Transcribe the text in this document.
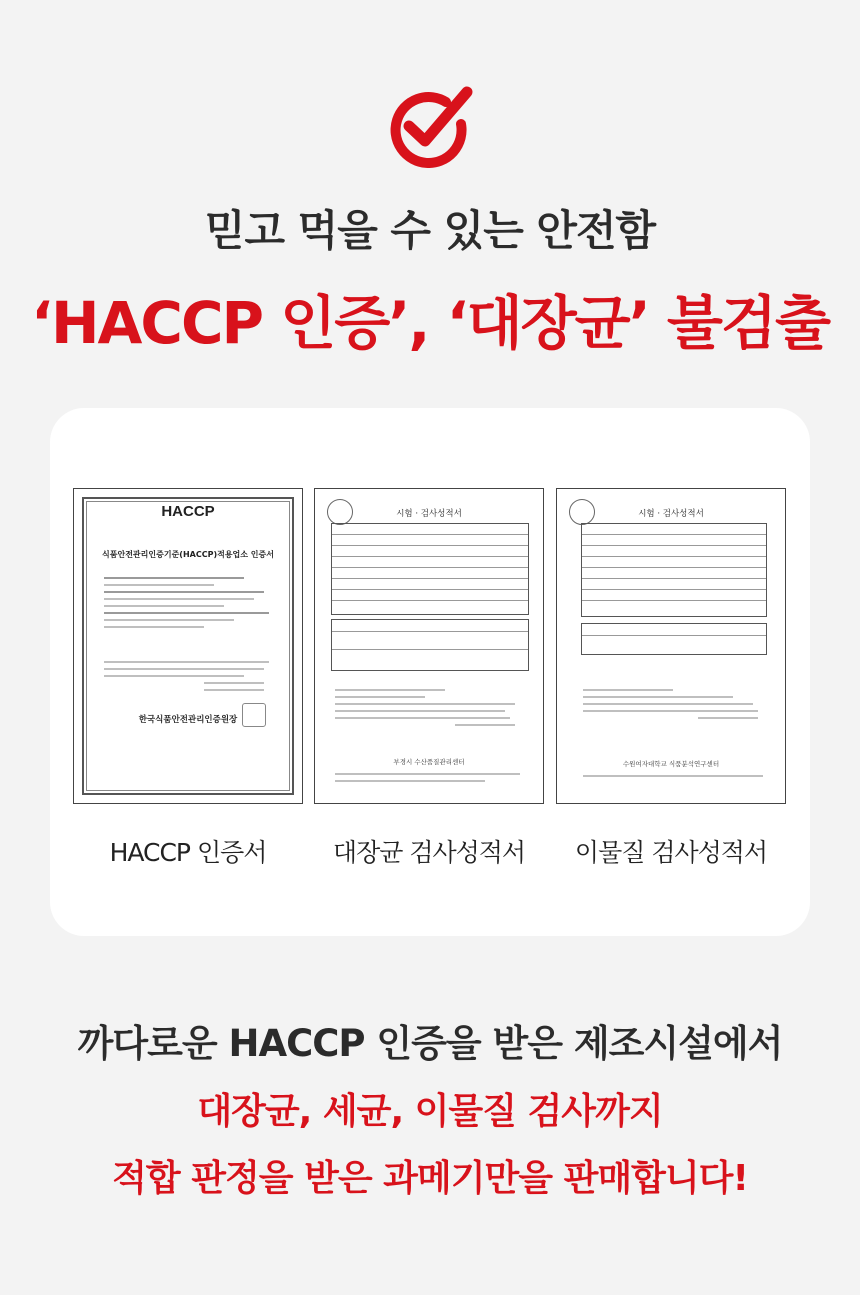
믿고 먹을 수 있는 안전함
‘HACCP 인증’, ‘대장균’ 불검출
HACCP
식품안전관리인증기준(HACCP)적용업소 인증서
한국식품안전관리인증원장
시험 · 검사성적서
부경시 수산품질관리센터
시험 · 검사성적서
수원여자대학교 식품분석연구센터
HACCP 인증서	대장균 검사성적서	이물질 검사성적서
까다로운 HACCP 인증을 받은 제조시설에서
대장균, 세균, 이물질 검사까지
적합 판정을 받은 과메기만을 판매합니다!
